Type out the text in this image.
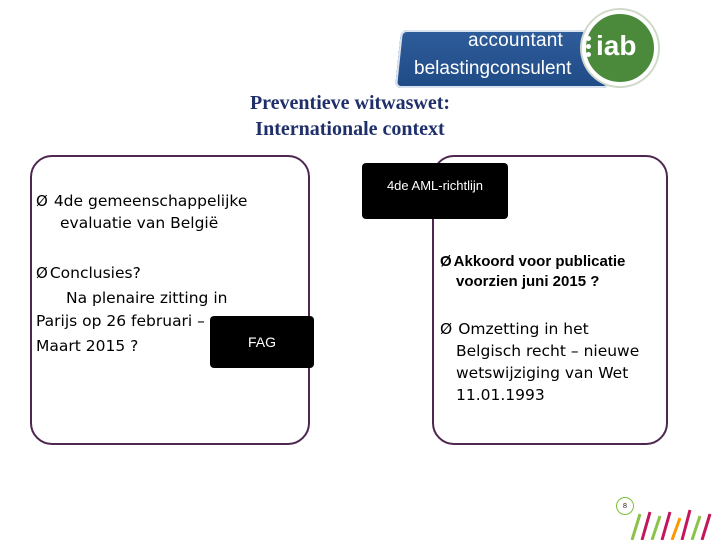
accountant
belastingconsulent
iab
Preventieve witwaswet:
Internationale context
Ø 4de gemeenschappelijke
evaluatie van België
Ø Conclusies?
Na plenaire zitting in
Parijs op 26 februari –
Maart 2015 ?
4de AML-richtlijn
FAG
Ø Akkoord voor publicatie
voorzien juni 2015 ?
Ø Omzetting in het
Belgisch recht – nieuwe
wetswijziging van Wet
11.01.1993
8
